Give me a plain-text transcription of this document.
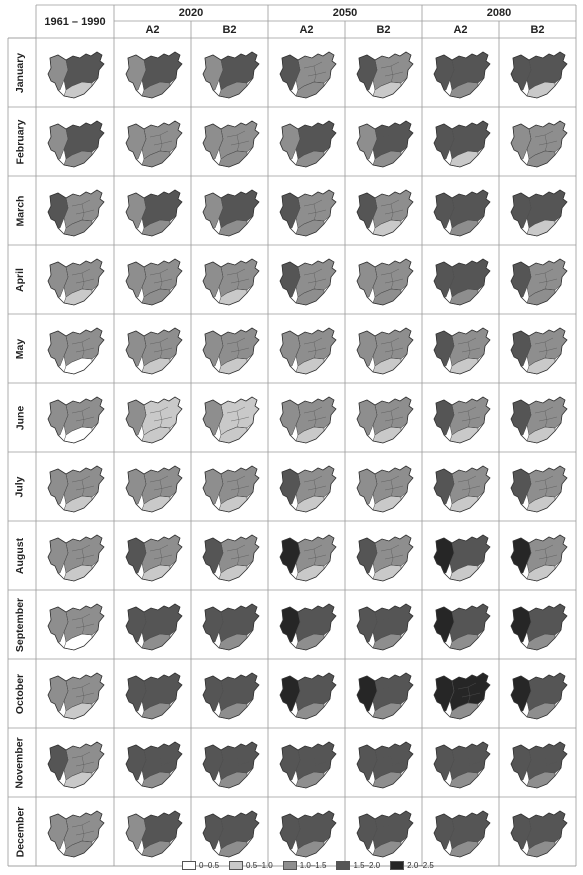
1961 – 1990
2020	2050	2080
A2	B2	A2	B2	A2	B2
January
February
March
April
May
June
July
August
September
October
November
December
0–0.5	0.5–1.0	1.0–1.5	1.5–2.0	2.0–2.5
